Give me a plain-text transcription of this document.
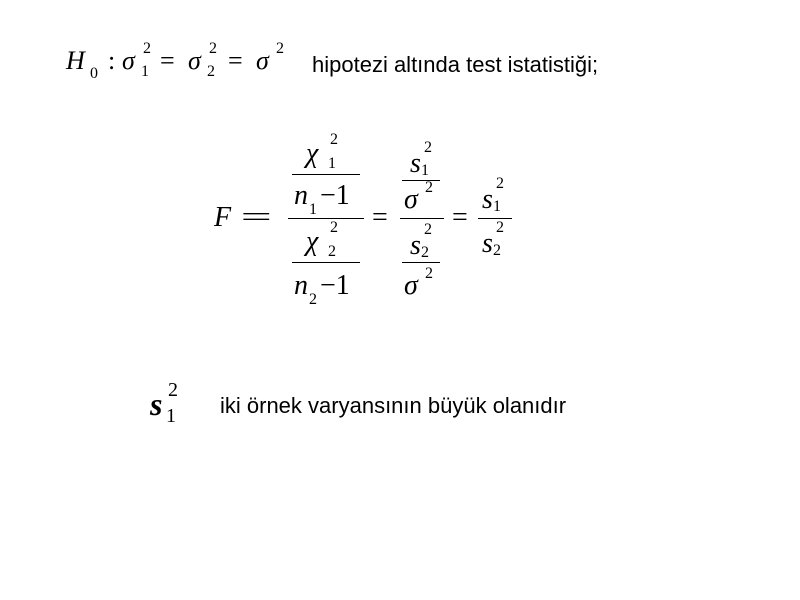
H 0 : σ 2
1 = σ 2
2 = σ 2
hipotezi altında test istatistiği;
F ==
χ 2
1
n 1 −1
χ 2
2
n 2 −1
=
s
2
1
σ 2
s
2
2
σ 2
=
s
2
1
s
2
2
s 2
1 iki örnek varyansının büyük olanıdır
